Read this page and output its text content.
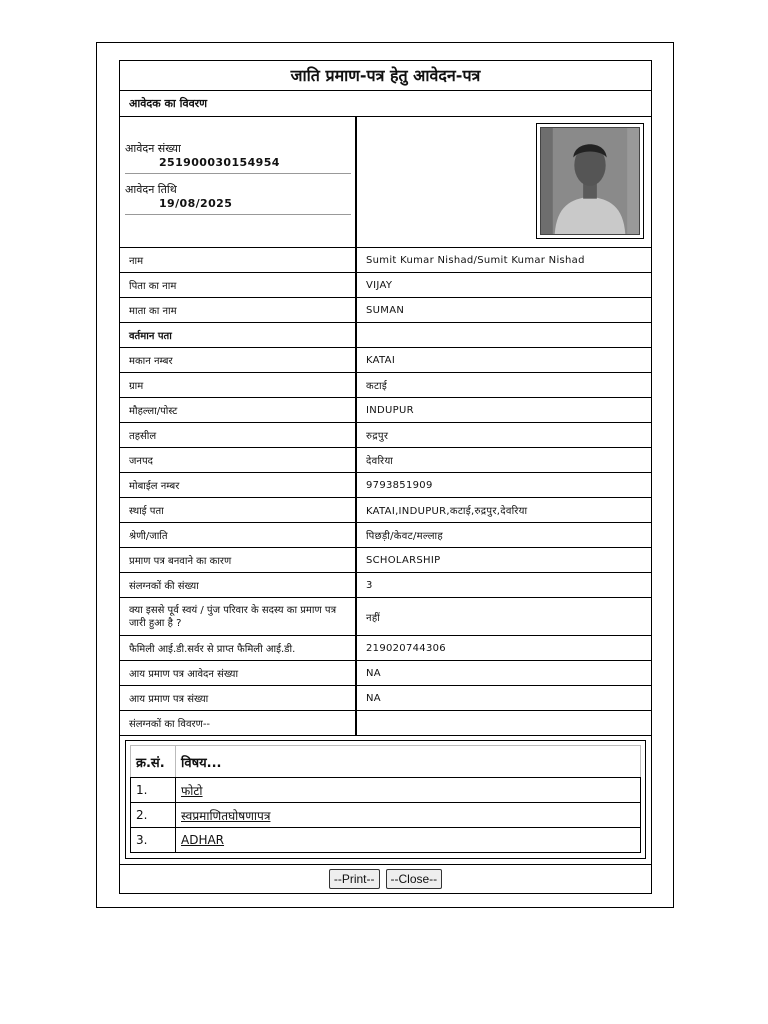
जाति प्रमाण-पत्र हेतु आवेदन-पत्र
आवेदक का विवरण
आवेदन संख्या
251900030154954
आवेदन तिथि
19/08/2025
नाम	Sumit Kumar Nishad/Sumit Kumar Nishad
पिता का नाम	VIJAY
माता का नाम	SUMAN
वर्तमान पता
मकान नम्बर	KATAI
ग्राम	कटाई
मौहल्ला/पोस्ट	INDUPUR
तहसील	रुद्रपुर
जनपद	देवरिया
मोबाईल नम्बर	9793851909
स्थाई पता	KATAI,INDUPUR,कटाई,रुद्रपुर,देवरिया
श्रेणी/जाति	पिछड़ी/केवट/मल्लाह
प्रमाण पत्र बनवाने का कारण	SCHOLARSHIP
संलग्नकों की संख्या	3
क्या इससे पूर्व स्वयं / पुंज परिवार के सदस्य का प्रमाण पत्र जारी हुआ है ?	नहीं
फैमिली आई.डी.सर्वर से प्राप्त फैमिली आई.डी.	219020744306
आय प्रमाण पत्र आवेदन संख्या	NA
आय प्रमाण पत्र संख्या	NA
संलग्नकों का विवरण--
क्र.सं.	विषय...
1.	फोटो
2.	स्वप्रमाणितघोषणापत्र
3.	ADHAR
--Print--	--Close--
